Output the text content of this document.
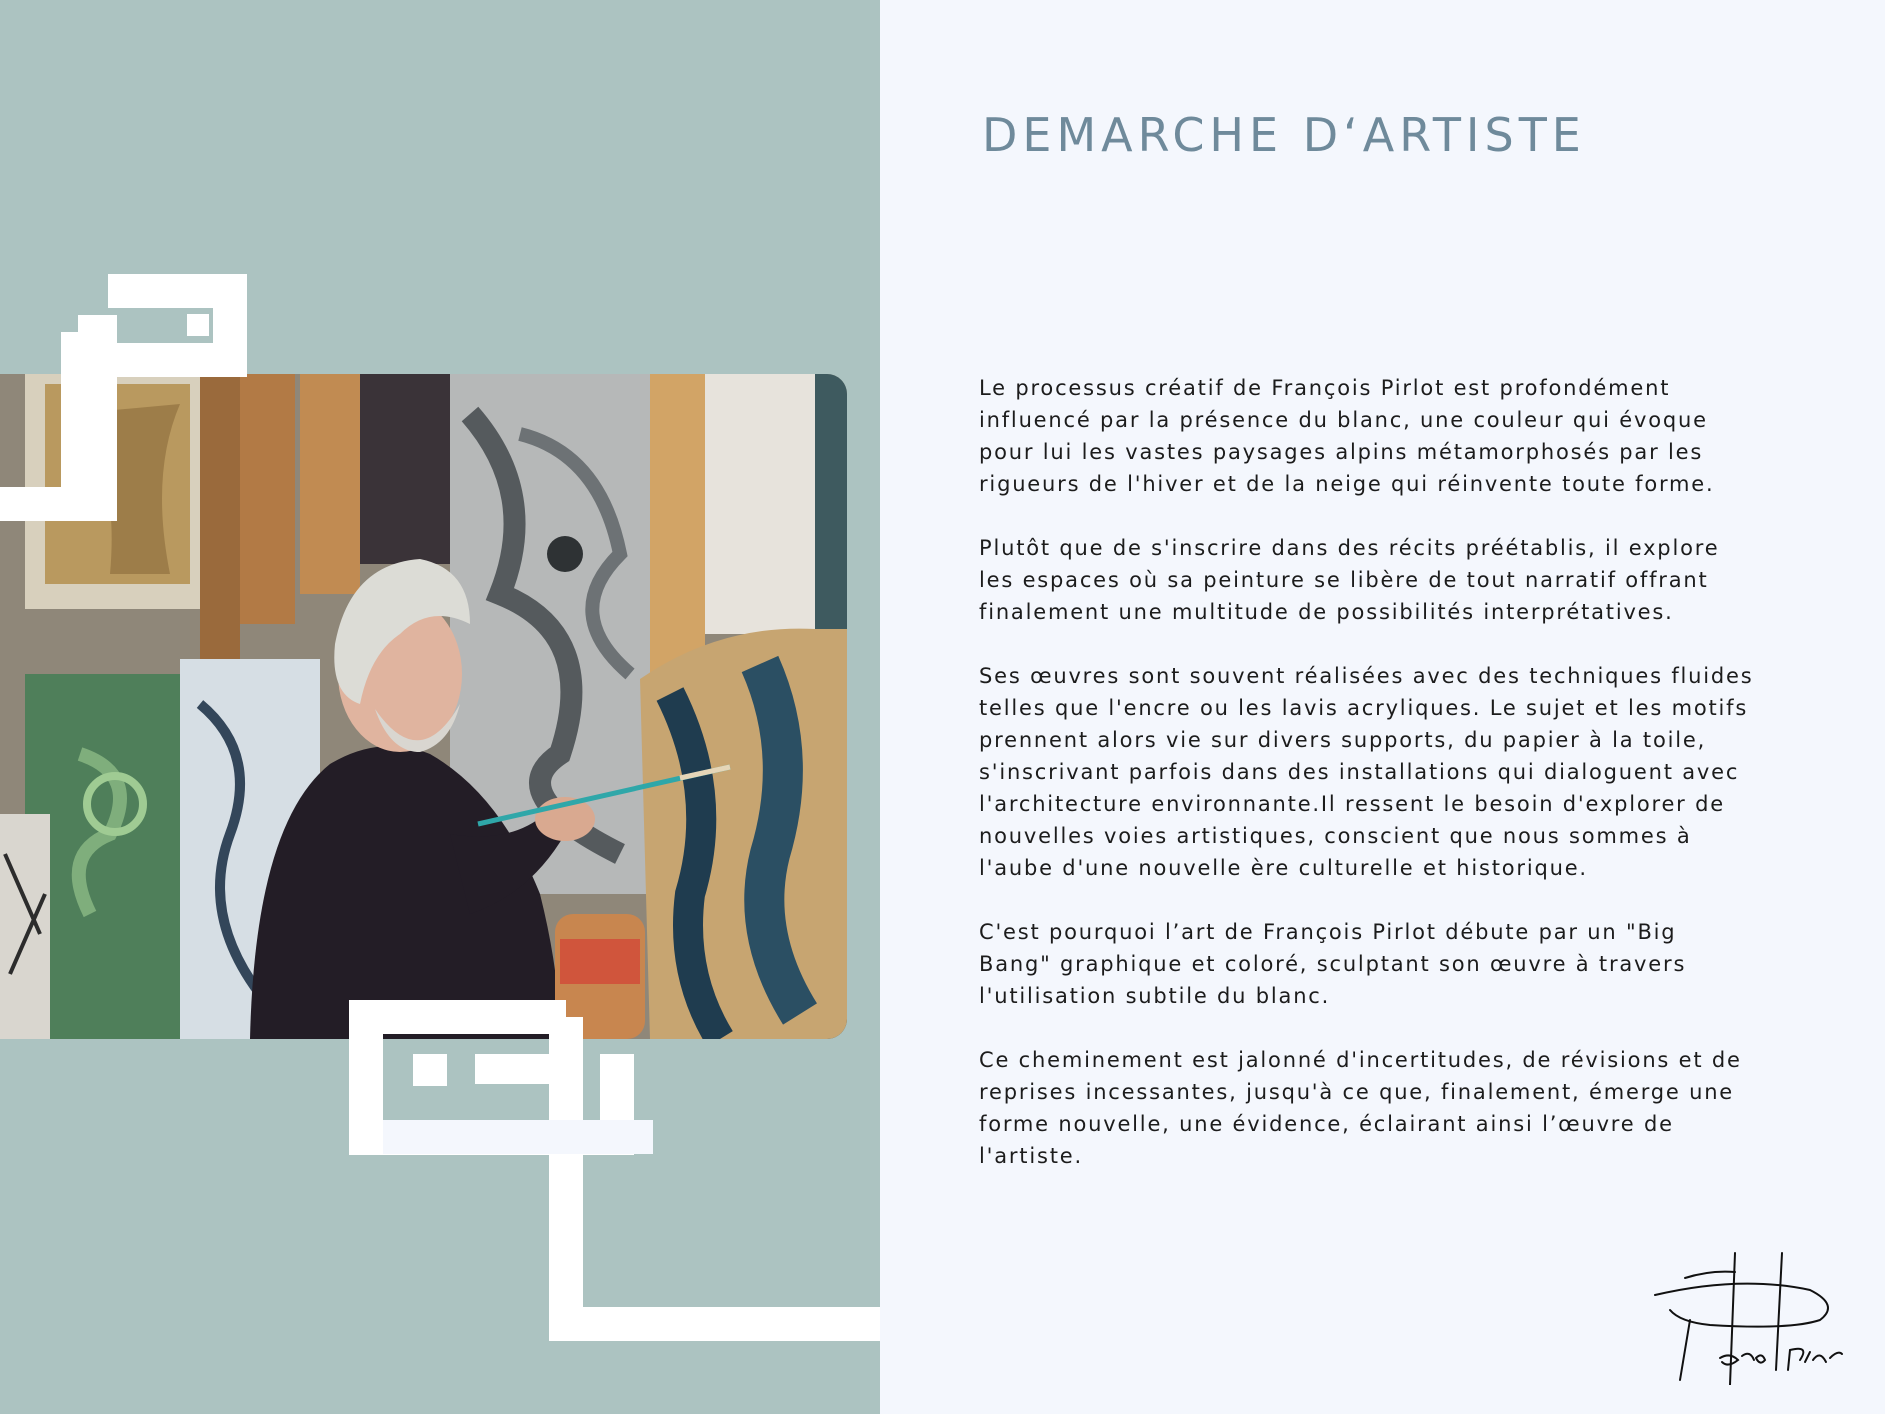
DEMARCHE D‘ARTISTE

Le processus créatif de François Pirlot est profondément
influencé par la présence du blanc, une couleur qui évoque
pour lui les vastes paysages alpins métamorphosés par les
rigueurs de l'hiver et de la neige qui réinvente toute forme.

Plutôt que de s'inscrire dans des récits préétablis, il explore
les espaces où sa peinture se libère de tout narratif offrant
finalement une multitude de possibilités interprétatives.

Ses œuvres sont souvent réalisées avec des techniques fluides
telles que l'encre ou les lavis acryliques. Le sujet et les motifs
prennent alors vie sur divers supports, du papier à la toile,
s'inscrivant parfois dans des installations qui dialoguent avec
l'architecture environnante.Il ressent le besoin d'explorer de
nouvelles voies artistiques, conscient que nous sommes à
l'aube d'une nouvelle ère culturelle et historique.

C'est pourquoi l’art de François Pirlot débute par un "Big
Bang" graphique et coloré, sculptant son œuvre à travers
l'utilisation subtile du blanc.

Ce cheminement est jalonné d'incertitudes, de révisions et de
reprises incessantes, jusqu'à ce que, finalement, émerge une
forme nouvelle, une évidence, éclairant ainsi l’œuvre de
l'artiste.
